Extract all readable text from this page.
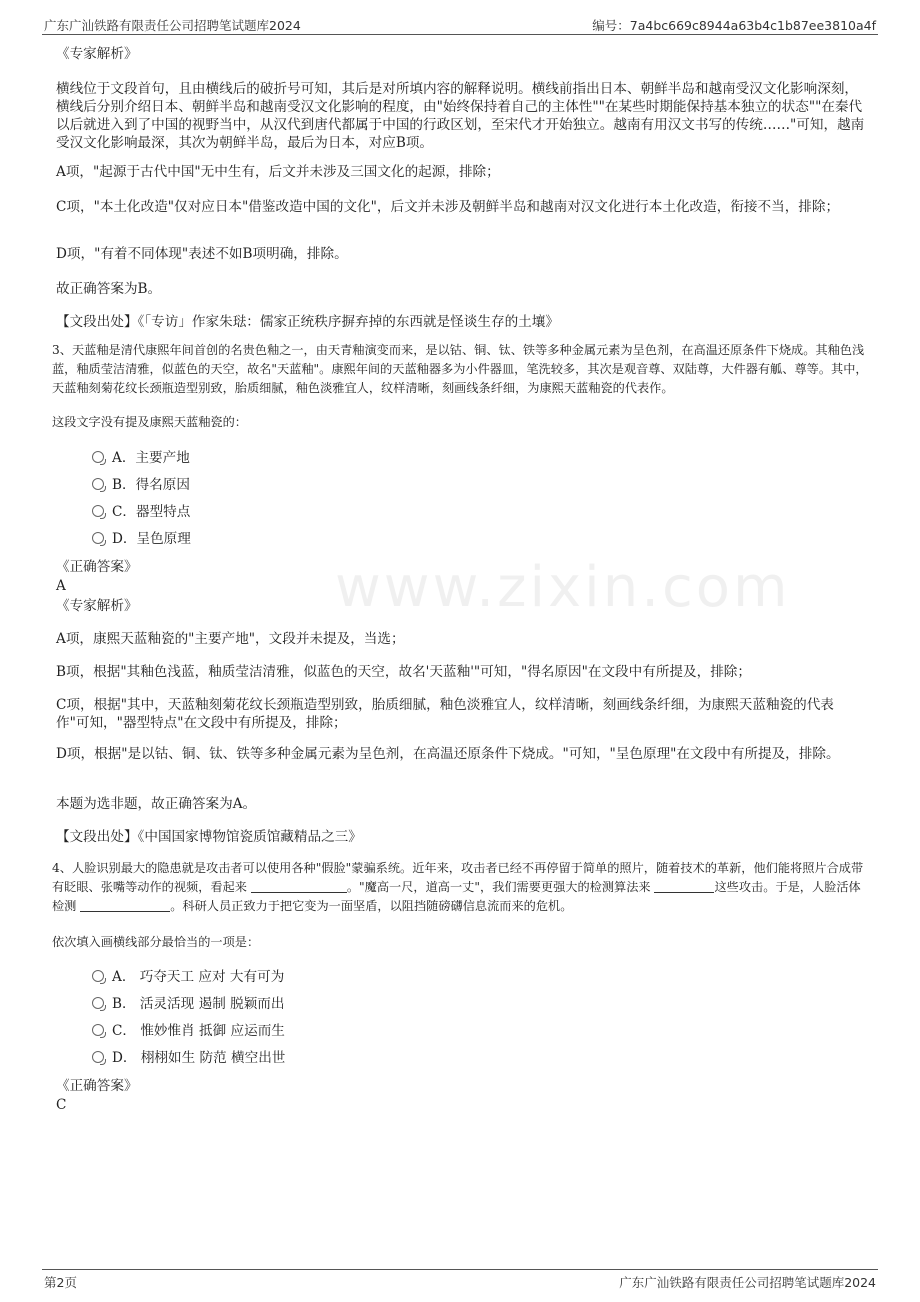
广东广汕铁路有限责任公司招聘笔试题库2024	编号：7a4bc669c8944a63b4c1b87ee3810a4f
www.zixin.com
《专家解析》
横线位于文段首句，且由横线后的破折号可知，其后是对所填内容的解释说明。横线前指出日本、朝鲜半岛和越南受汉文化影响深刻，横线后分别介绍日本、朝鲜半岛和越南受汉文化影响的程度，由"始终保持着自己的主体性""在某些时期能保持基本独立的状态""在秦代以后就进入到了中国的视野当中，从汉代到唐代都属于中国的行政区划，至宋代才开始独立。越南有用汉文书写的传统……"可知，越南受汉文化影响最深，其次为朝鲜半岛，最后为日本，对应B项。
A项，"起源于古代中国"无中生有，后文并未涉及三国文化的起源，排除；
C项，"本土化改造"仅对应日本"借鉴改造中国的文化"，后文并未涉及朝鲜半岛和越南对汉文化进行本土化改造，衔接不当，排除；
D项，"有着不同体现"表述不如B项明确，排除。
故正确答案为B。
【文段出处】《「专访」作家朱琺：儒家正统秩序摒弃掉的东西就是怪谈生存的土壤》
3、天蓝釉是清代康熙年间首创的名贵色釉之一，由天青釉演变而来，是以钴、铜、钛、铁等多种金属元素为呈色剂，在高温还原条件下烧成。其釉色浅蓝，釉质莹洁清雅，似蓝色的天空，故名"天蓝釉"。康熙年间的天蓝釉器多为小件器皿，笔洗较多，其次是观音尊、双陆尊，大件器有觚、尊等。其中，天蓝釉刻菊花纹长颈瓶造型别致，胎质细腻，釉色淡雅宜人，纹样清晰，刻画线条纤细，为康熙天蓝釉瓷的代表作。
这段文字没有提及康熙天蓝釉瓷的：
A．主要产地
B．得名原因
C．器型特点
D．呈色原理
《正确答案》
A
《专家解析》
A项，康熙天蓝釉瓷的"主要产地"，文段并未提及，当选；
B项，根据"其釉色浅蓝，釉质莹洁清雅，似蓝色的天空，故名'天蓝釉'"可知，"得名原因"在文段中有所提及，排除；
C项，根据"其中，天蓝釉刻菊花纹长颈瓶造型别致，胎质细腻，釉色淡雅宜人，纹样清晰，刻画线条纤细，为康熙天蓝釉瓷的代表作"可知，"器型特点"在文段中有所提及，排除；
D项，根据"是以钴、铜、钛、铁等多种金属元素为呈色剂，在高温还原条件下烧成。"可知，"呈色原理"在文段中有所提及，排除。
本题为选非题，故正确答案为A。
【文段出处】《中国国家博物馆瓷质馆藏精品之三》
4、人脸识别最大的隐患就是攻击者可以使用各种"假脸"蒙骗系统。近年来，攻击者已经不再停留于简单的照片，随着技术的革新，他们能将照片合成带有眨眼、张嘴等动作的视频，看起来	。"魔高一尺，道高一丈"，我们需要更强大的检测算法来	这些攻击。于是，人脸活体检测	。科研人员正致力于把它变为一面坚盾，以阻挡随磅礴信息流而来的危机。
依次填入画横线部分最恰当的一项是：
A． 巧夺天工 应对 大有可为
B． 活灵活现 遏制 脱颖而出
C． 惟妙惟肖 抵御 应运而生
D． 栩栩如生 防范 横空出世
《正确答案》
C
第2页	广东广汕铁路有限责任公司招聘笔试题库2024
